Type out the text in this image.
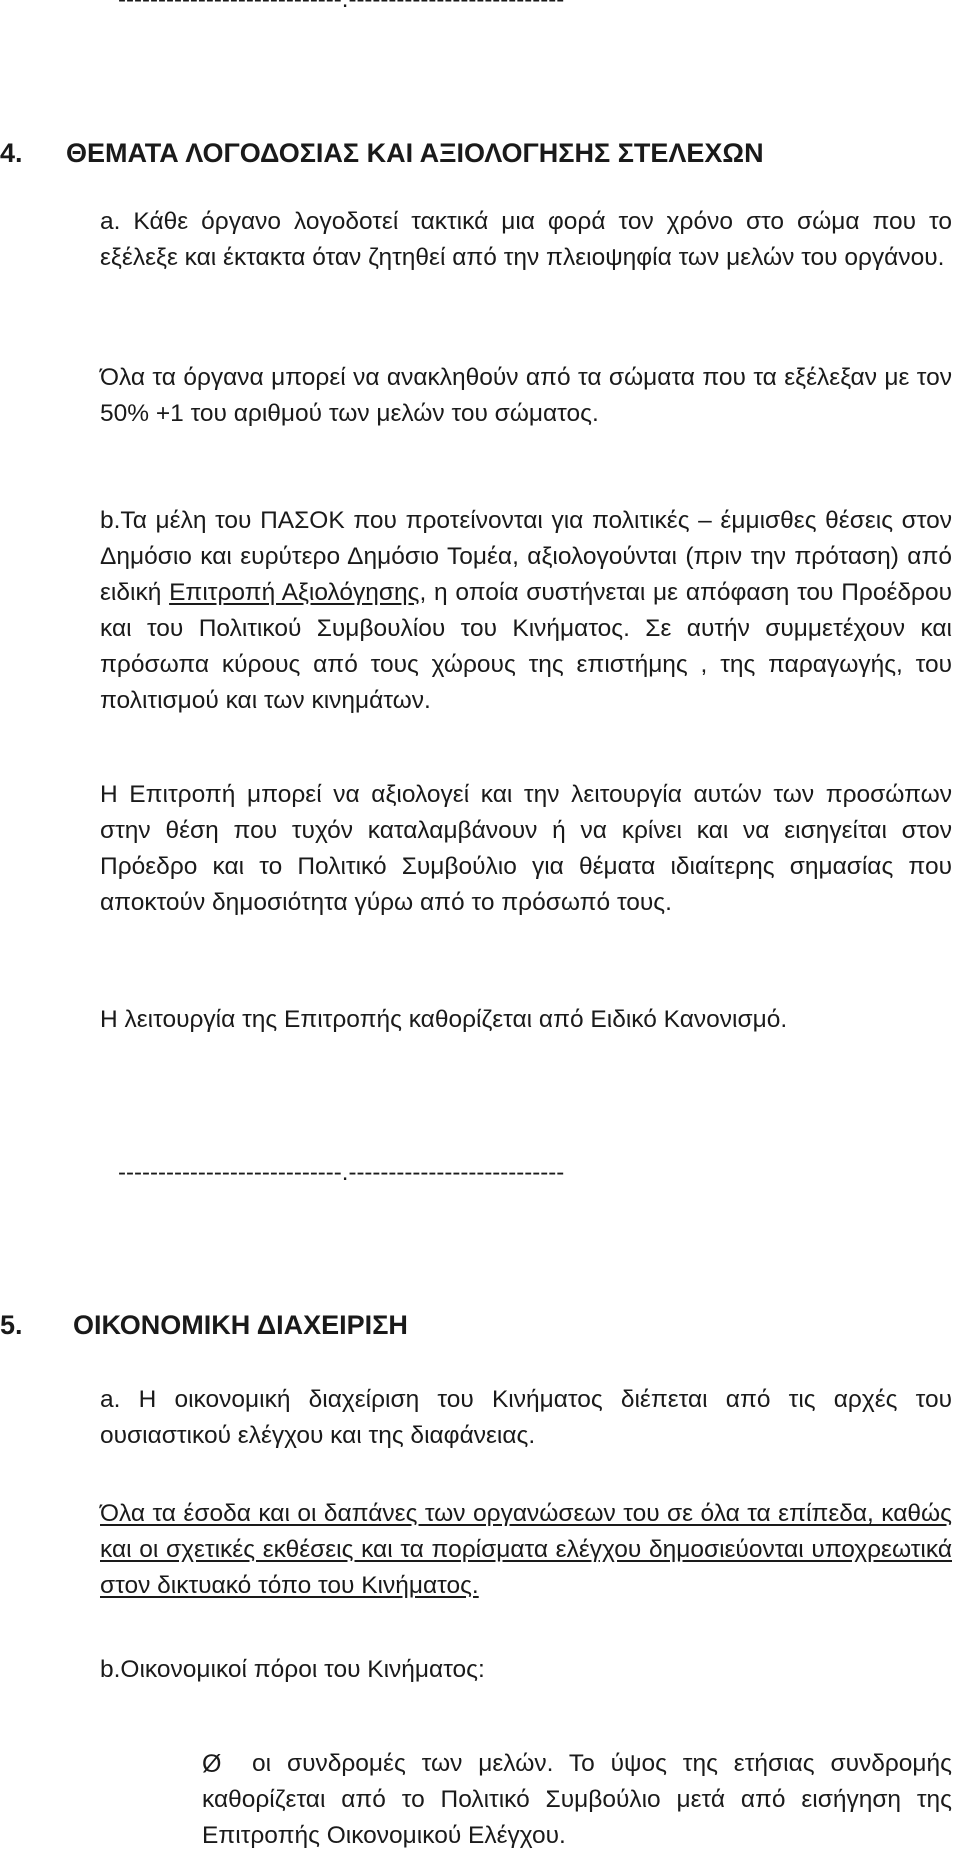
4. ΘΕΜΑΤΑ ΛΟΓΟΔΟΣΙΑΣ ΚΑΙ ΑΞΙΟΛΟΓΗΣΗΣ ΣΤΕΛΕΧΩΝ
a. Κάθε όργανο λογοδοτεί τακτικά μια φορά τον χρόνο στο σώμα που το εξέλεξε και έκτακτα όταν ζητηθεί από την πλειοψηφία των μελών του οργάνου.
Όλα τα όργανα μπορεί να ανακληθούν από τα σώματα που τα εξέλεξαν με τον 50% +1 του αριθμού των μελών του σώματος.
b.Τα μέλη του ΠΑΣΟΚ που προτείνονται για πολιτικές – έμμισθες θέσεις στον Δημόσιο και ευρύτερο Δημόσιο Τομέα, αξιολογούνται (πριν την πρόταση) από ειδική Επιτροπή Αξιολόγησης, η οποία συστήνεται με απόφαση του Προέδρου και του Πολιτικού Συμβουλίου του Κινήματος. Σε αυτήν συμμετέχουν και πρόσωπα κύρους από τους χώρους της επιστήμης , της παραγωγής, του πολιτισμού και των κινημάτων.
Η Επιτροπή μπορεί να αξιολογεί και την λειτουργία αυτών των προσώπων στην θέση που τυχόν καταλαμβάνουν ή να κρίνει και να εισηγείται στον Πρόεδρο και το Πολιτικό Συμβούλιο για θέματα ιδιαίτερης σημασίας που αποκτούν δημοσιότητα γύρω από το πρόσωπό τους.
Η λειτουργία της Επιτροπής καθορίζεται από Ειδικό Κανονισμό.
----------------------------.---------------------------
5. ΟΙΚΟΝΟΜΙΚΗ ΔΙΑΧΕΙΡΙΣΗ
a. Η οικονομική διαχείριση του Κινήματος διέπεται από τις αρχές του ουσιαστικού ελέγχου και της διαφάνειας.
Όλα τα έσοδα και οι δαπάνες των οργανώσεων του σε όλα τα επίπεδα, καθώς και οι σχετικές εκθέσεις και τα πορίσματα ελέγχου δημοσιεύονται υποχρεωτικά στον δικτυακό τόπο του Κινήματος.
b.Οικονομικοί πόροι του Κινήματος:
Ø	οι συνδρομές των μελών. Το ύψος της ετήσιας συνδρομής καθορίζεται από το Πολιτικό Συμβούλιο μετά από εισήγηση της Επιτροπής Οικονομικού Ελέγχου.
